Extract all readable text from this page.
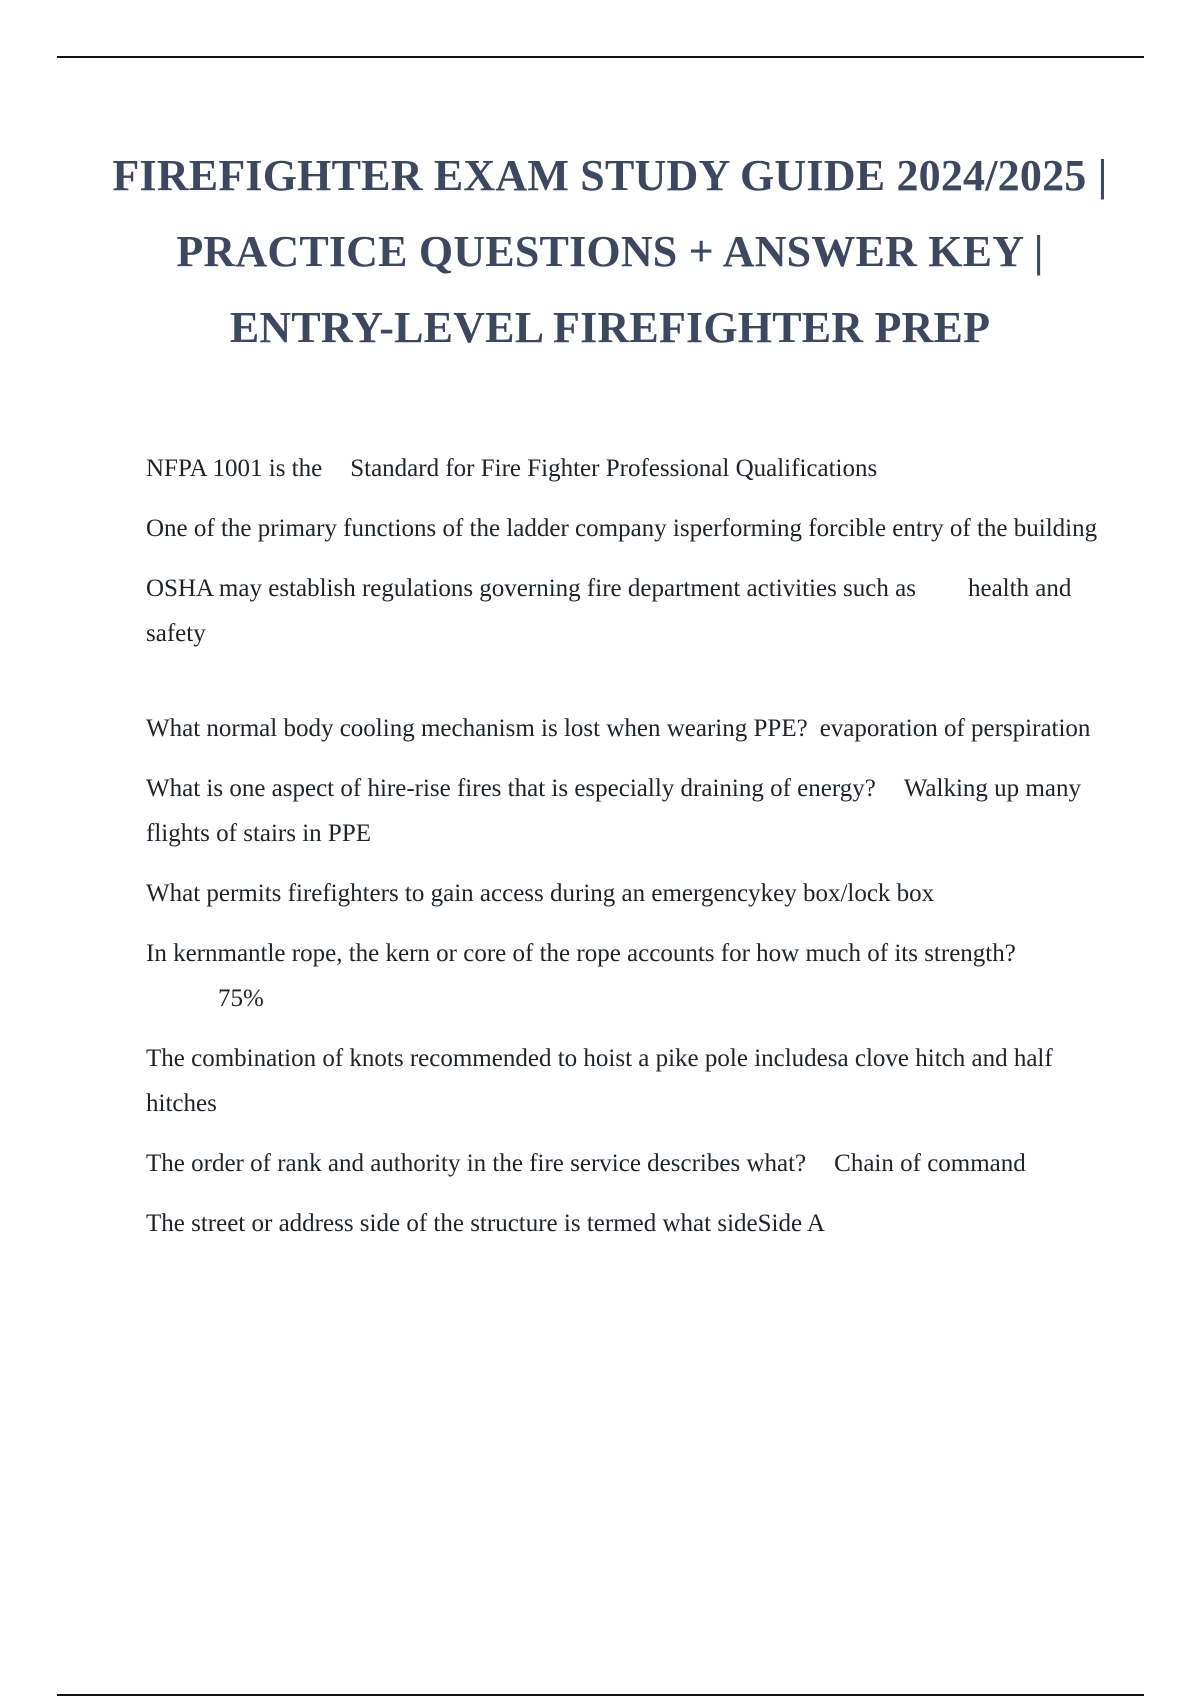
FIREFIGHTER EXAM STUDY GUIDE 2024/2025 |
PRACTICE QUESTIONS + ANSWER KEY |
ENTRY-LEVEL FIREFIGHTER PREP
NFPA 1001 is the Standard for Fire Fighter Professional Qualifications
One of the primary functions of the ladder company isperforming forcible entry of the building
OSHA may establish regulations governing fire department activities such as health and safety
What normal body cooling mechanism is lost when wearing PPE? evaporation of perspiration
What is one aspect of hire-rise fires that is especially draining of energy? Walking up many flights of stairs in PPE
What permits firefighters to gain access during an emergencykey box/lock box
In kernmantle rope, the kern or core of the rope accounts for how much of its strength?
75%
The combination of knots recommended to hoist a pike pole includesa clove hitch and half hitches
The order of rank and authority in the fire service describes what? Chain of command
The street or address side of the structure is termed what sideSide A
